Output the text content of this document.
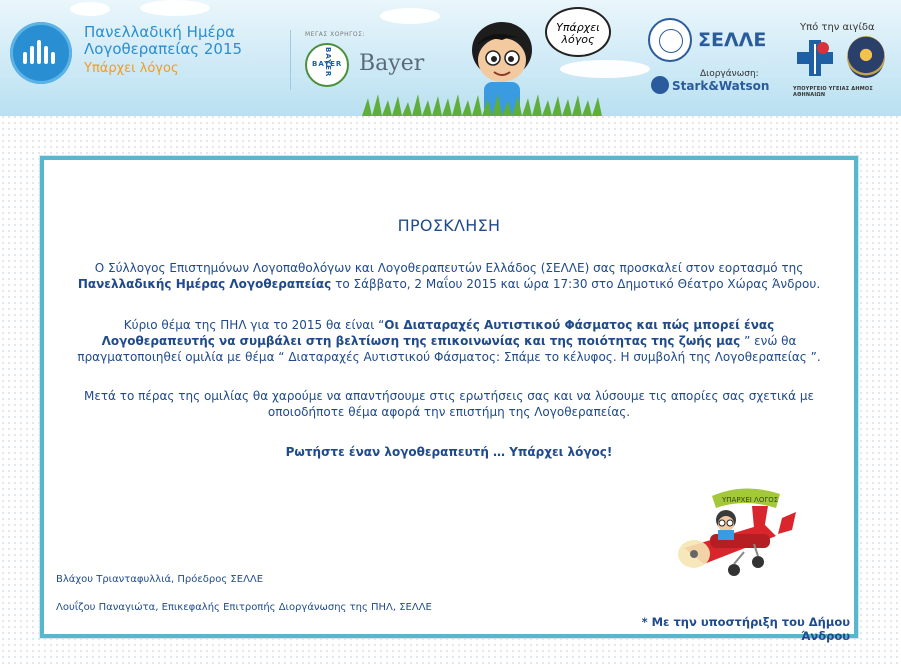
Πανελλαδική Ημέρα
Λογοθεραπείας 2015
Υπάρχει λόγος
ΜΕΓΑΣ ΧΟΡΗΓΟΣ:
BAYER
BAYER Bayer
Υπάρχει λόγος	ΣΕΛΛΕ
Διοργάνωση:
Stark&Watson
Υπό την αιγίδα
ΥΠΟΥΡΓΕΙΟ ΥΓΕΙΑΣ ΔΗΜΟΣ ΑΘΗΝΑΙΩΝ
ΠΡΟΣΚΛΗΣΗ
Ο Σύλλογος Επιστημόνων Λογοπαθολόγων και Λογοθεραπευτών Ελλάδος (ΣΕΛΛΕ) σας προσκαλεί στον εορτασμό της Πανελλαδικής Ημέρας Λογοθεραπείας το Σάββατο, 2 Μαΐου 2015 και ώρα 17:30 στο Δημοτικό Θέατρο Χώρας Άνδρου.
Κύριο θέμα της ΠΗΛ για το 2015 θα είναι “Οι Διαταραχές Αυτιστικού Φάσματος και πώς μπορεί ένας Λογοθεραπευτής να συμβάλει στη βελτίωση της επικοινωνίας και της ποιότητας της ζωής μας ” ενώ θα πραγματοποιηθεί ομιλία με θέμα “ Διαταραχές Αυτιστικού Φάσματος: Σπάμε το κέλυφος. Η συμβολή της Λογοθεραπείας ”.
Μετά το πέρας της ομιλίας θα χαρούμε να απαντήσουμε στις ερωτήσεις σας και να λύσουμε τις απορίες σας σχετικά με οποιοδήποτε θέμα αφορά την επιστήμη της Λογοθεραπείας.
Ρωτήστε έναν λογοθεραπευτή … Υπάρχει λόγος!
ΥΠΑΡΧΕΙ ΛΟΓΟΣ
Βλάχου Τριανταφυλλιά, Πρόεδρος ΣΕΛΛΕ
Λουΐζου Παναγιώτα, Επικεφαλής Επιτροπής Διοργάνωσης της ΠΗΛ, ΣΕΛΛΕ
* Με την υποστήριξη του Δήμου Άνδρου
